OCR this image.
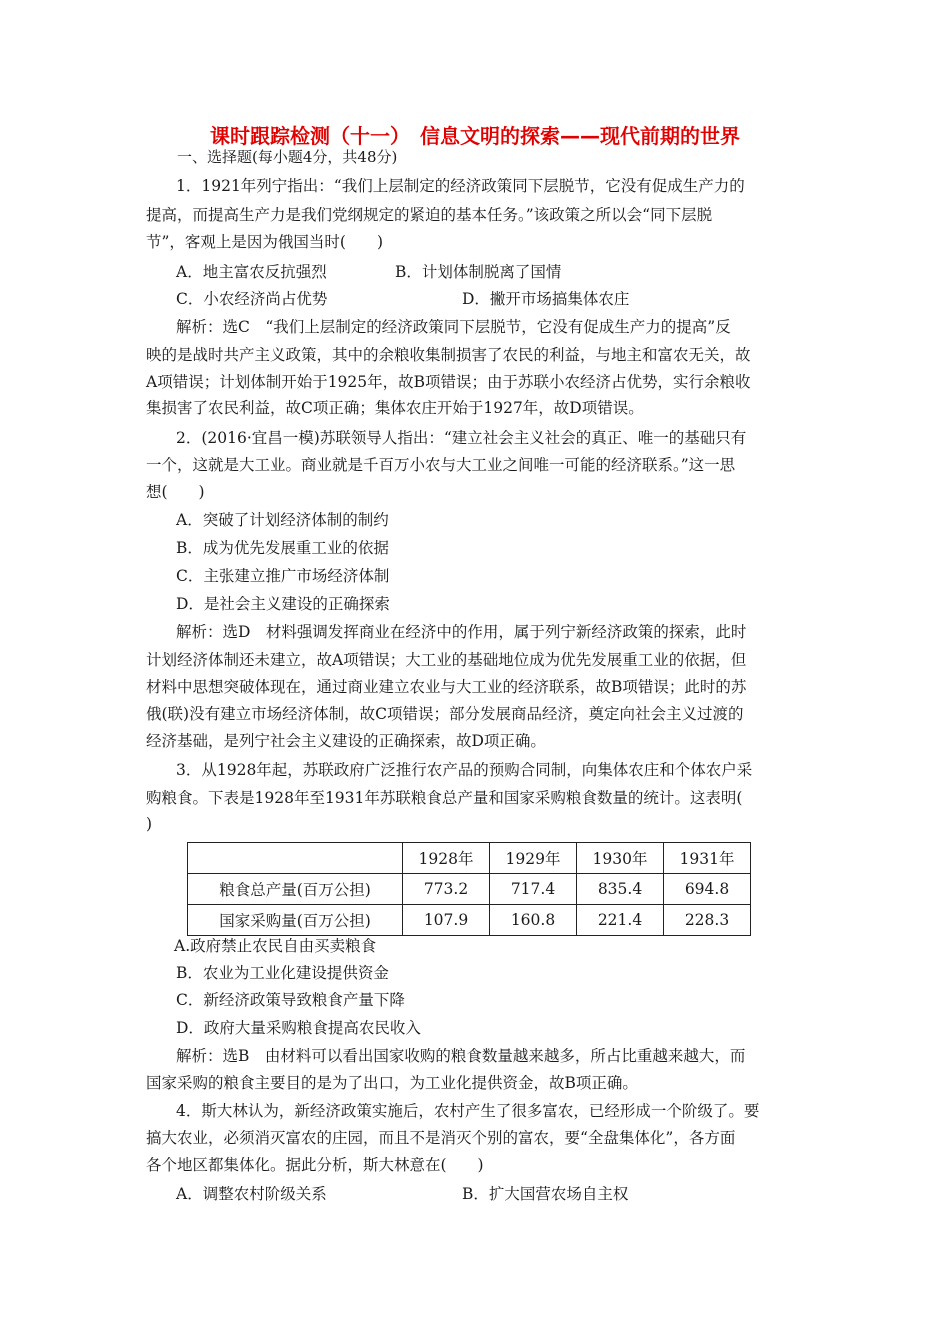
课时跟踪检测（十一）　信息文明的探索——现代前期的世界
一、选择题(每小题4分，共48分)
1．1921年列宁指出：“我们上层制定的经济政策同下层脱节，它没有促成生产力的
提高，而提高生产力是我们党纲规定的紧迫的基本任务。”该政策之所以会“同下层脱
节”，客观上是因为俄国当时(　　)
A．地主富农反抗强烈	B．计划体制脱离了国情
C．小农经济尚占优势	D．撇开市场搞集体农庄
解析：选C　“我们上层制定的经济政策同下层脱节，它没有促成生产力的提高”反
映的是战时共产主义政策，其中的余粮收集制损害了农民的利益，与地主和富农无关，故
A项错误；计划体制开始于1925年，故B项错误；由于苏联小农经济占优势，实行余粮收
集损害了农民利益，故C项正确；集体农庄开始于1927年，故D项错误。
2．(2016·宜昌一模)苏联领导人指出：“建立社会主义社会的真正、唯一的基础只有
一个，这就是大工业。商业就是千百万小农与大工业之间唯一可能的经济联系。”这一思
想(　　)
A．突破了计划经济体制的制约
B．成为优先发展重工业的依据
C．主张建立推广市场经济体制
D．是社会主义建设的正确探索
解析：选D　材料强调发挥商业在经济中的作用，属于列宁新经济政策的探索，此时
计划经济体制还未建立，故A项错误；大工业的基础地位成为优先发展重工业的依据，但
材料中思想突破体现在，通过商业建立农业与大工业的经济联系，故B项错误；此时的苏
俄(联)没有建立市场经济体制，故C项错误；部分发展商品经济，奠定向社会主义过渡的
经济基础，是列宁社会主义建设的正确探索，故D项正确。
3．从1928年起，苏联政府广泛推行农产品的预购合同制，向集体农庄和个体农户采
购粮食。下表是1928年至1931年苏联粮食总产量和国家采购粮食数量的统计。这表明(
)
	1928年	1929年	1930年	1931年
粮食总产量(百万公担)	773.2	717.4	835.4	694.8
国家采购量(百万公担)	107.9	160.8	221.4	228.3
A.政府禁止农民自由买卖粮食
B．农业为工业化建设提供资金
C．新经济政策导致粮食产量下降
D．政府大量采购粮食提高农民收入
解析：选B　由材料可以看出国家收购的粮食数量越来越多，所占比重越来越大，而
国家采购的粮食主要目的是为了出口，为工业化提供资金，故B项正确。
4．斯大林认为，新经济政策实施后，农村产生了很多富农，已经形成一个阶级了。要
搞大农业，必须消灭富农的庄园，而且不是消灭个别的富农，要“全盘集体化”，各方面
各个地区都集体化。据此分析，斯大林意在(　　)
A．调整农村阶级关系	B．扩大国营农场自主权
